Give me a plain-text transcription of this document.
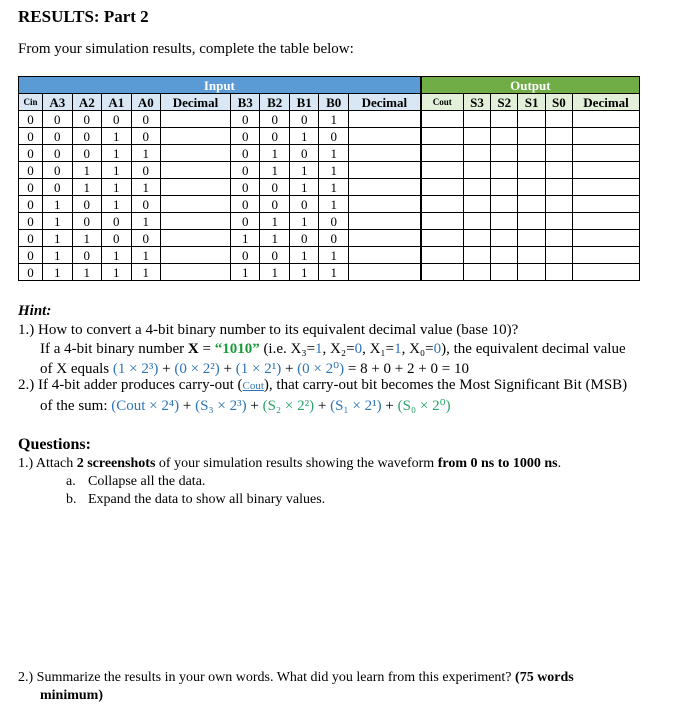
RESULTS: Part 2
From your simulation results, complete the table below:
Input											Output					
Cin	A3	A2	A1	A0	Decimal	B3	B2	B1	B0	Decimal	Cout	S3	S2	S1	S0	Decimal
0	0	0	0	0		0	0	0	1							
0	0	0	1	0		0	0	1	0							
0	0	0	1	1		0	1	0	1							
0	0	1	1	0		0	1	1	1							
0	0	1	1	1		0	0	1	1							
0	1	0	1	0		0	0	0	1							
0	1	0	0	1		0	1	1	0							
0	1	1	0	0		1	1	0	0							
0	1	0	1	1		0	0	1	1							
0	1	1	1	1		1	1	1	1							
Hint:
1.) How to convert a 4-bit binary number to its equivalent decimal value (base 10)?
If a 4-bit binary number X = “1010” (i.e. X₃=1, X₂=0, X₁=1, X₀=0), the equivalent decimal value
of X equals (1 × 2³) + (0 × 2²) + (1 × 2¹) + (0 × 2⁰) = 8 + 0 + 2 + 0 = 10
2.) If 4-bit adder produces carry-out (Cout), that carry-out bit becomes the Most Significant Bit (MSB)
of the sum: (Cout × 2⁴) + (S₃ × 2³) + (S₂ × 2²) + (S₁ × 2¹) + (S₀ × 2⁰)
Questions:
1.) Attach 2 screenshots of your simulation results showing the waveform from 0 ns to 1000 ns.
a. Collapse all the data.
b. Expand the data to show all binary values.
2.) Summarize the results in your own words. What did you learn from this experiment? (75 words
minimum)
